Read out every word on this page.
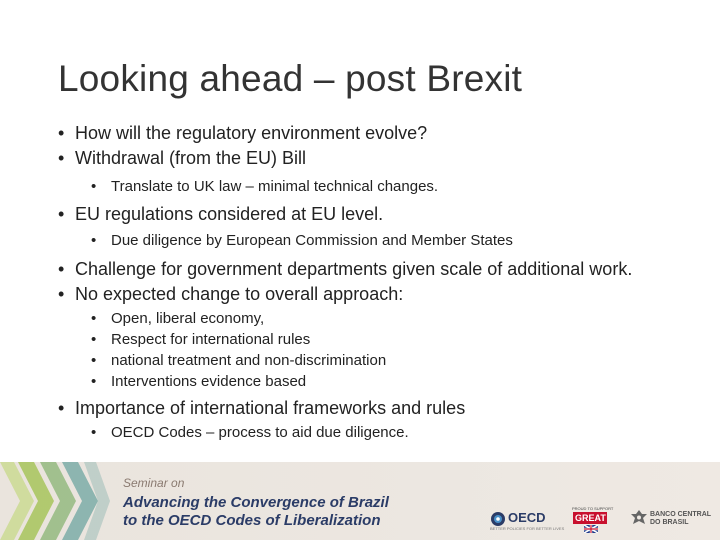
Looking ahead – post Brexit
• How will the regulatory environment evolve?
• Withdrawal (from the EU) Bill
• Translate to UK law – minimal technical changes.
• EU regulations considered at EU level.
• Due diligence by European Commission and Member States
• Challenge for government departments given scale of additional work.
• No expected change to overall approach:
• Open, liberal economy,
• Respect for international rules
• national treatment and non-discrimination
• Interventions evidence based
• Importance of international frameworks and rules
• OECD Codes – process to aid due diligence.
Seminar on
Advancing the Convergence of Brazil
to the OECD Codes of Liberalization	OECD
BETTER POLICIES FOR BETTER LIVES
PROUD TO SUPPORT
GREAT	BANCO CENTRAL
DO BRASIL
